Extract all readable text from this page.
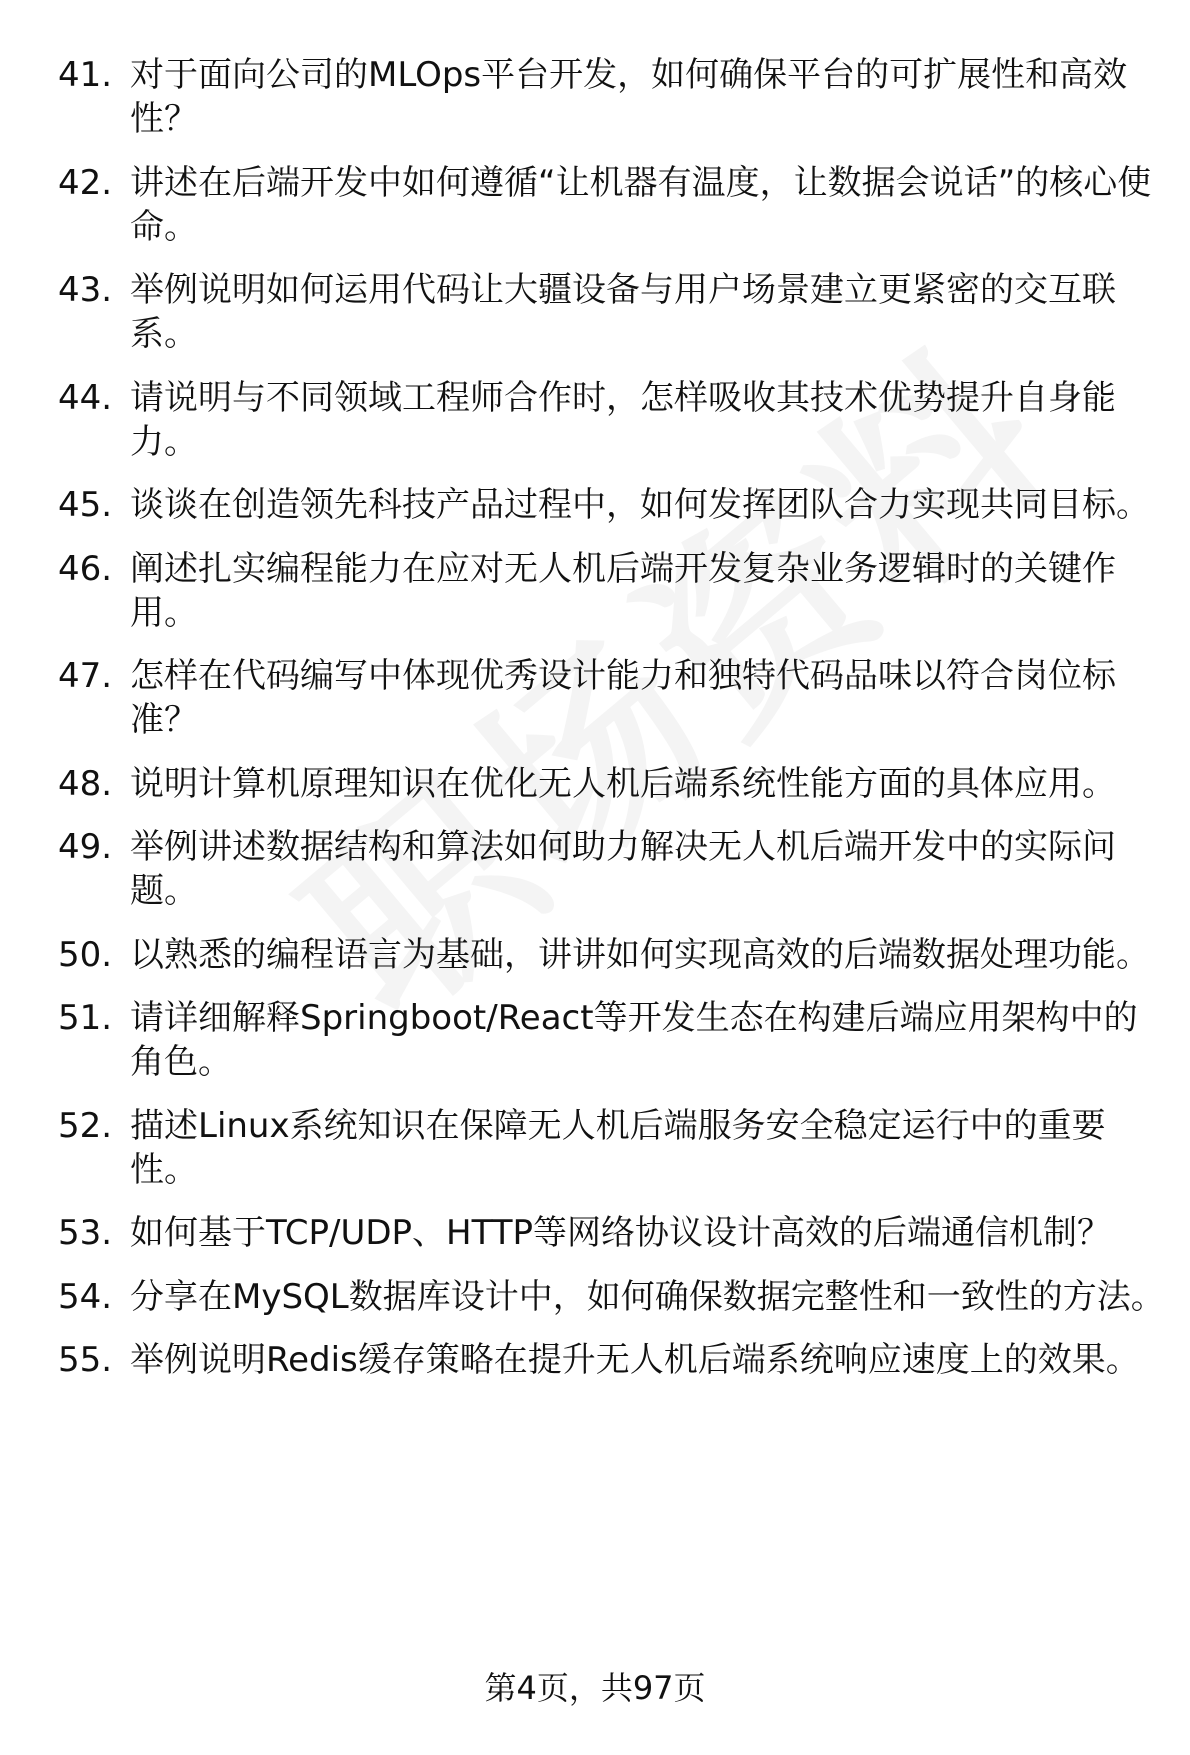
41. 对于面向公司的MLOps平台开发，如何确保平台的可扩展性和高效性？
42. 讲述在后端开发中如何遵循“让机器有温度，让数据会说话”的核心使命。
43. 举例说明如何运用代码让大疆设备与用户场景建立更紧密的交互联系。
44. 请说明与不同领域工程师合作时，怎样吸收其技术优势提升自身能力。
45. 谈谈在创造领先科技产品过程中，如何发挥团队合力实现共同目标。
46. 阐述扎实编程能力在应对无人机后端开发复杂业务逻辑时的关键作用。
47. 怎样在代码编写中体现优秀设计能力和独特代码品味以符合岗位标准？
48. 说明计算机原理知识在优化无人机后端系统性能方面的具体应用。
49. 举例讲述数据结构和算法如何助力解决无人机后端开发中的实际问题。
50. 以熟悉的编程语言为基础，讲讲如何实现高效的后端数据处理功能。
51. 请详细解释Springboot/React等开发生态在构建后端应用架构中的角色。
52. 描述Linux系统知识在保障无人机后端服务安全稳定运行中的重要性。
53. 如何基于TCP/UDP、HTTP等网络协议设计高效的后端通信机制？
54. 分享在MySQL数据库设计中，如何确保数据完整性和一致性的方法。
55. 举例说明Redis缓存策略在提升无人机后端系统响应速度上的效果。
第4页，共97页
